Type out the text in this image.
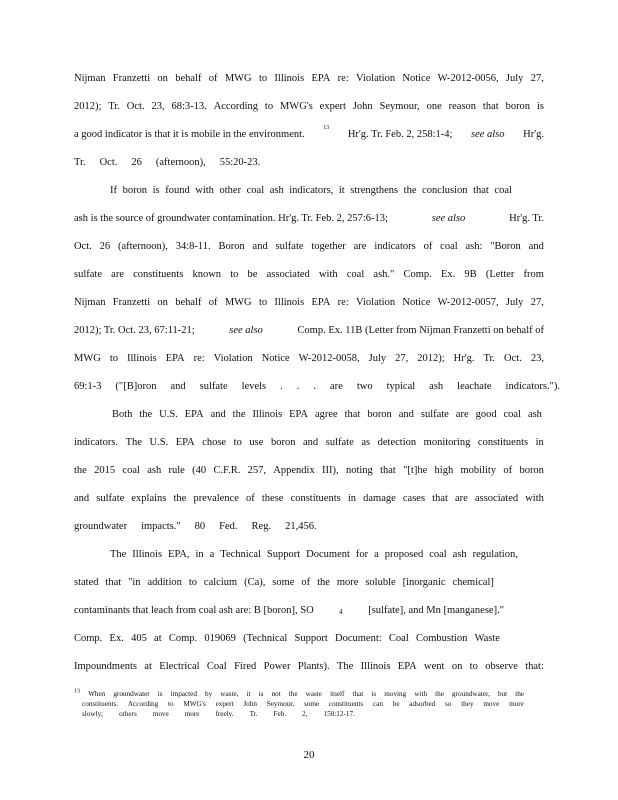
Nijman Franzetti on behalf of MWG to Illinois EPA re: Violation Notice W-2012-0056, July 27,
2012); Tr. Oct. 23, 68:3-13. According to MWG's expert John Seymour, one reason that boron is
a good indicator is that it is mobile in the environment.
13
Hr'g. Tr. Feb. 2, 258:1-4; see also Hr'g.
Tr. Oct. 26 (afternoon), 55:20-23.
If boron is found with other coal ash indicators, it strengthens the conclusion that coal
ash is the source of groundwater contamination. Hr'g. Tr. Feb. 2, 257:6-13;	see also	Hr'g. Tr.
Oct. 26 (afternoon), 34:8-11. Boron and sulfate together are indicators of coal ash: "Boron and
sulfate are constituents known to be associated with coal ash." Comp. Ex. 9B (Letter from
Nijman Franzetti on behalf of MWG to Illinois EPA re: Violation Notice W-2012-0057, July 27,
2012); Tr. Oct. 23, 67:11-21;	see also	Comp. Ex. 11B (Letter from Nijman Franzetti on behalf of
MWG to Illinois EPA re: Violation Notice W-2012-0058, July 27, 2012); Hr'g. Tr. Oct. 23,
69:1-3 ("[B]oron and sulfate levels . . . are two typical ash leachate indicators.").
Both the U.S. EPA and the Illinois EPA agree that boron and sulfate are good coal ash
indicators. The U.S. EPA chose to use boron and sulfate as detection monitoring constituents in
the 2015 coal ash rule (40 C.F.R. 257, Appendix III), noting that "[t]he high mobility of boron
and sulfate explains the prevalence of these constituents in damage cases that are associated with
groundwater impacts." 80 Fed. Reg. 21,456.
The Illinois EPA, in a Technical Support Document for a proposed coal ash regulation,
stated that "in addition to calcium (Ca), some of the more soluble [inorganic chemical]
contaminants that leach from coal ash are: B [boron], SO	4 [sulfate], and Mn [manganese]."
Comp. Ex. 405 at Comp. 019069 (Technical Support Document: Coal Combustion Waste
Impoundments at Electrical Coal Fired Power Plants). The Illinois EPA went on to observe that:
$^{13}$ When groundwater is impacted by waste, it is not the waste itself that is moving with the groundwater, but the
constituents. According to MWG's expert John Seymour, some constituents can be adsorbed so they move more
slowly; others move more freely. Tr. Feb. 2, 150:12-17.
20
